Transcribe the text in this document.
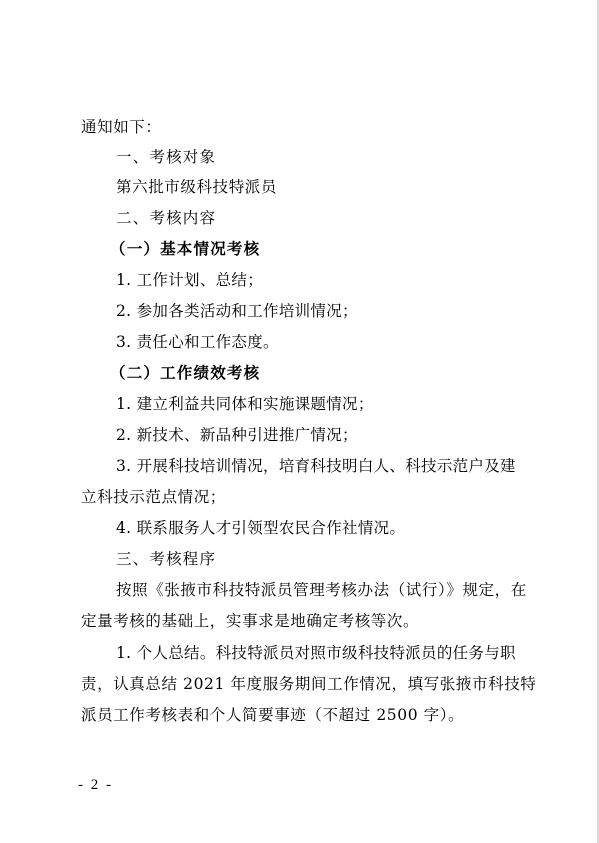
通知如下：
一、考核对象
第六批市级科技特派员
二、考核内容
（一）基本情况考核
1. 工作计划、总结；
2. 参加各类活动和工作培训情况；
3. 责任心和工作态度。
（二）工作绩效考核
1. 建立利益共同体和实施课题情况；
2. 新技术、新品种引进推广情况；
3. 开展科技培训情况，培育科技明白人、科技示范户及建
立科技示范点情况；
4. 联系服务人才引领型农民合作社情况。
三、考核程序
按照《张掖市科技特派员管理考核办法（试行）》规定，在
定量考核的基础上，实事求是地确定考核等次。
1. 个人总结。科技特派员对照市级科技特派员的任务与职
责，认真总结 2021 年度服务期间工作情况，填写张掖市科技特
派员工作考核表和个人简要事迹（不超过 2500 字）。
- 2 -
